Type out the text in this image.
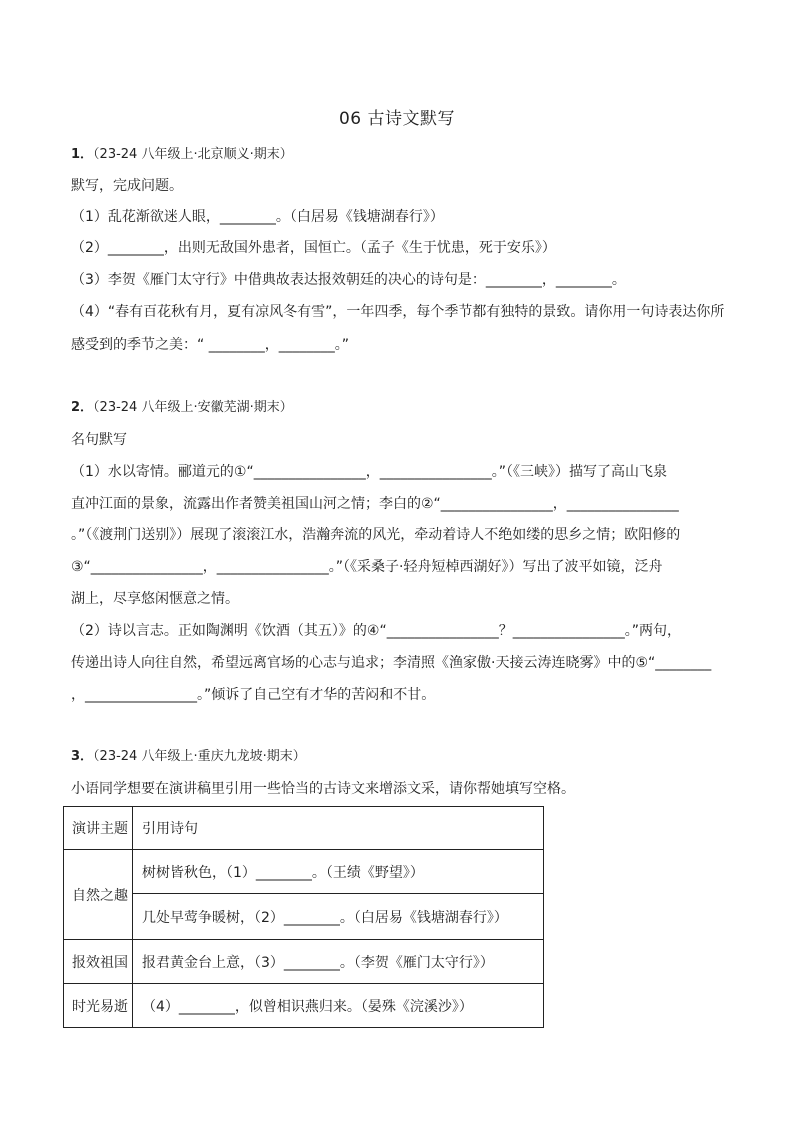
06 古诗文默写
1．（23-24 八年级上·北京顺义·期末）
默写，完成问题。
（1）乱花渐欲迷人眼，________。（白居易《钱塘湖春行》）
（2）________，出则无敌国外患者，国恒亡。（孟子《生于忧患，死于安乐》）
（3）李贺《雁门太守行》中借典故表达报效朝廷的决心的诗句是：________，________。
（4）“春有百花秋有月，夏有凉风冬有雪”，一年四季，每个季节都有独特的景致。请你用一句诗表达你所
感受到的季节之美：“ ________，________。”
2．（23-24 八年级上·安徽芜湖·期末）
名句默写
（1）水以寄情。郦道元的①“________________，________________。”（《三峡》）描写了高山飞泉
直冲江面的景象，流露出作者赞美祖国山河之情；李白的②“________________，________________
。”（《渡荆门送别》）展现了滚滚江水，浩瀚奔流的风光，牵动着诗人不绝如缕的思乡之情；欧阳修的
③“________________，________________。”（《采桑子·轻舟短棹西湖好》）写出了波平如镜，泛舟
湖上，尽享悠闲惬意之情。
（2）诗以言志。正如陶渊明《饮酒（其五）》的④“________________？________________。”两句，
传递出诗人向往自然，希望远离官场的心志与追求；李清照《渔家傲·天接云涛连晓雾》中的⑤“________
，________________。”倾诉了自己空有才华的苦闷和不甘。
3．（23-24 八年级上·重庆九龙坡·期末）
小语同学想要在演讲稿里引用一些恰当的古诗文来增添文采，请你帮她填写空格。
演讲主题	引用诗句
自然之趣	树树皆秋色，（1）________。（王绩《野望》）
	几处早莺争暖树，（2）________。（白居易《钱塘湖春行》）
报效祖国	报君黄金台上意，（3）________。（李贺《雁门太守行》）
时光易逝	（4）________，似曾相识燕归来。（晏殊《浣溪沙》）
